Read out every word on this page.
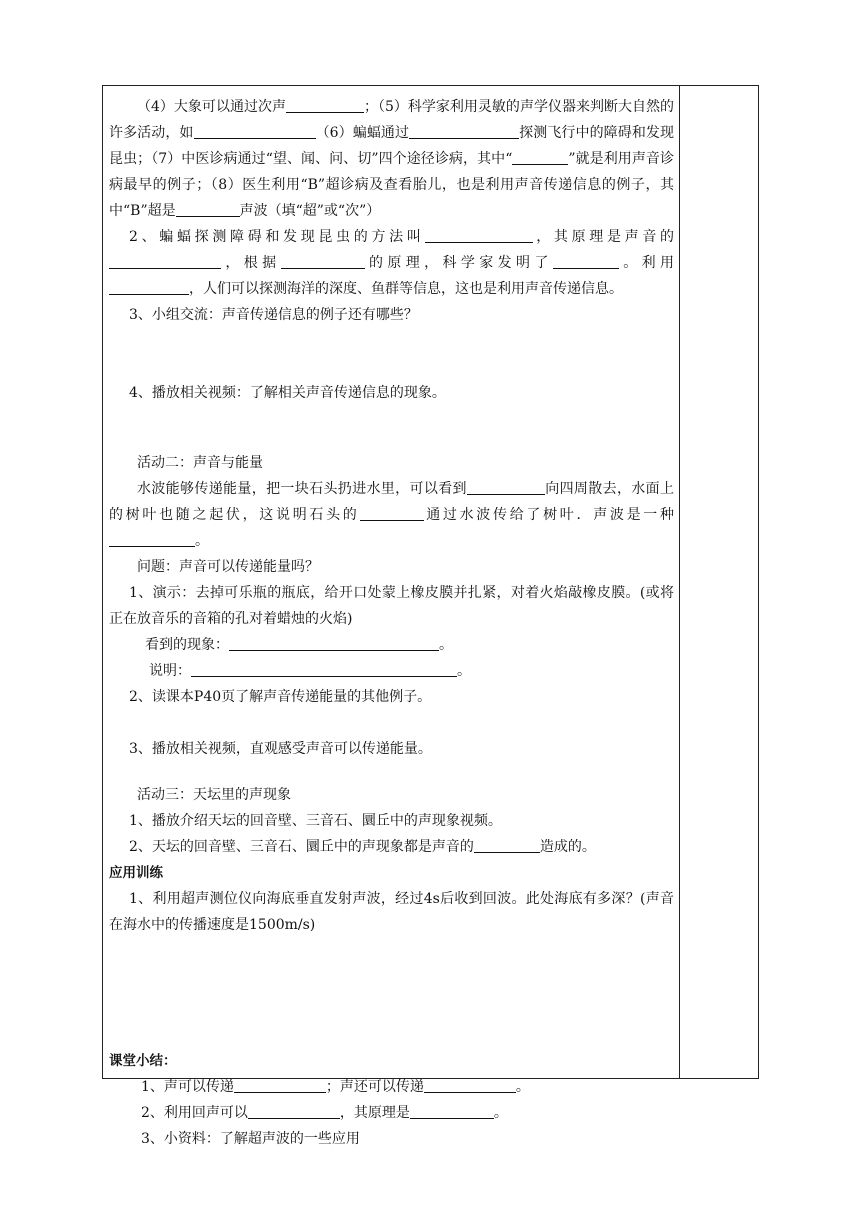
（4）大象可以通过次声	；（5）科学家利用灵敏的声学仪器来判断大自然的许多活动，如	（6）蝙蝠通过	探测飞行中的障碍和发现昆虫；（7）中医诊病通过“望、闻、问、切”四个途径诊病，其中“	”就是利用声音诊病最早的例子；（8）医生利用“B”超诊病及查看胎儿，也是利用声音传递信息的例子，其中“B”超是	声波（填“超”或“次”）

2、蝙蝠探测障碍和发现昆虫的方法叫	，其原理是声音的，根据	的原理，科学家发明了	。利用，人们可以探测海洋的深度、鱼群等信息，这也是利用声音传递信息。

3、小组交流：声音传递信息的例子还有哪些？

4、播放相关视频：了解相关声音传递信息的现象。

活动二：声音与能量

水波能够传递能量，把一块石头扔进水里，可以看到	向四周散去，水面上的树叶也随之起伏，这说明石头的	通过水波传给了树叶．声波是一种。

问题：声音可以传递能量吗？

1、演示：去掉可乐瓶的瓶底，给开口处蒙上橡皮膜并扎紧，对着火焰敲橡皮膜。(或将正在放音乐的音箱的孔对着蜡烛的火焰)

看到的现象：	。

说明：	。

2、读课本P40页了解声音传递能量的其他例子。

3、播放相关视频，直观感受声音可以传递能量。

活动三：天坛里的声现象

1、播放介绍天坛的回音壁、三音石、圜丘中的声现象视频。

2、天坛的回音壁、三音石、圜丘中的声现象都是声音的	造成的。

应用训练

1、利用超声测位仪向海底垂直发射声波，经过4s后收到回波。此处海底有多深？(声音在海水中的传播速度是1500m/s)

课堂小结：

1、声可以传递	；声还可以传递	。

2、利用回声可以	，其原理是	。

3、小资料：了解超声波的一些应用
